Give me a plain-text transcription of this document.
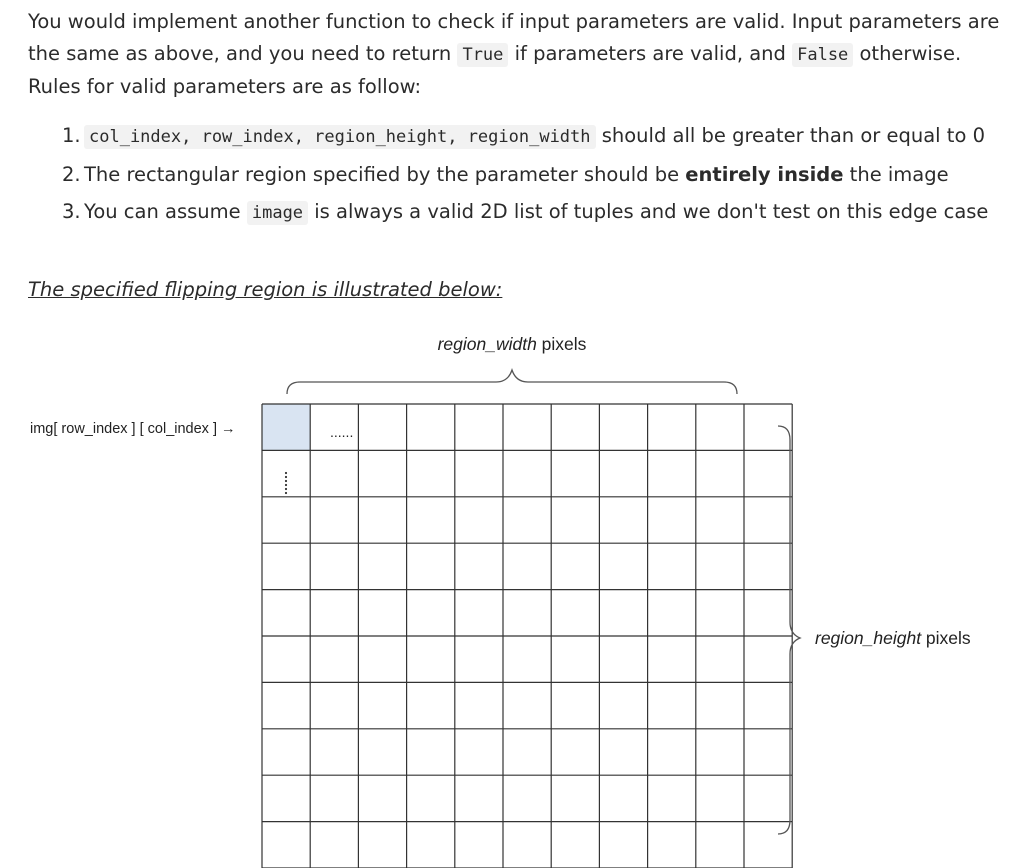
You would implement another function to check if input parameters are valid. Input parameters are the same as above, and you need to return True if parameters are valid, and False otherwise. Rules for valid parameters are as follow:

1. col_index, row_index, region_height, region_width should all be greater than or equal to 0
2. The rectangular region specified by the parameter should be entirely inside the image
3. You can assume image is always a valid 2D list of tuples and we don't test on this edge case

The specified flipping region is illustrated below:

region_width pixels
img[ row_index ] [ col_index ] →	......
region_height pixels
